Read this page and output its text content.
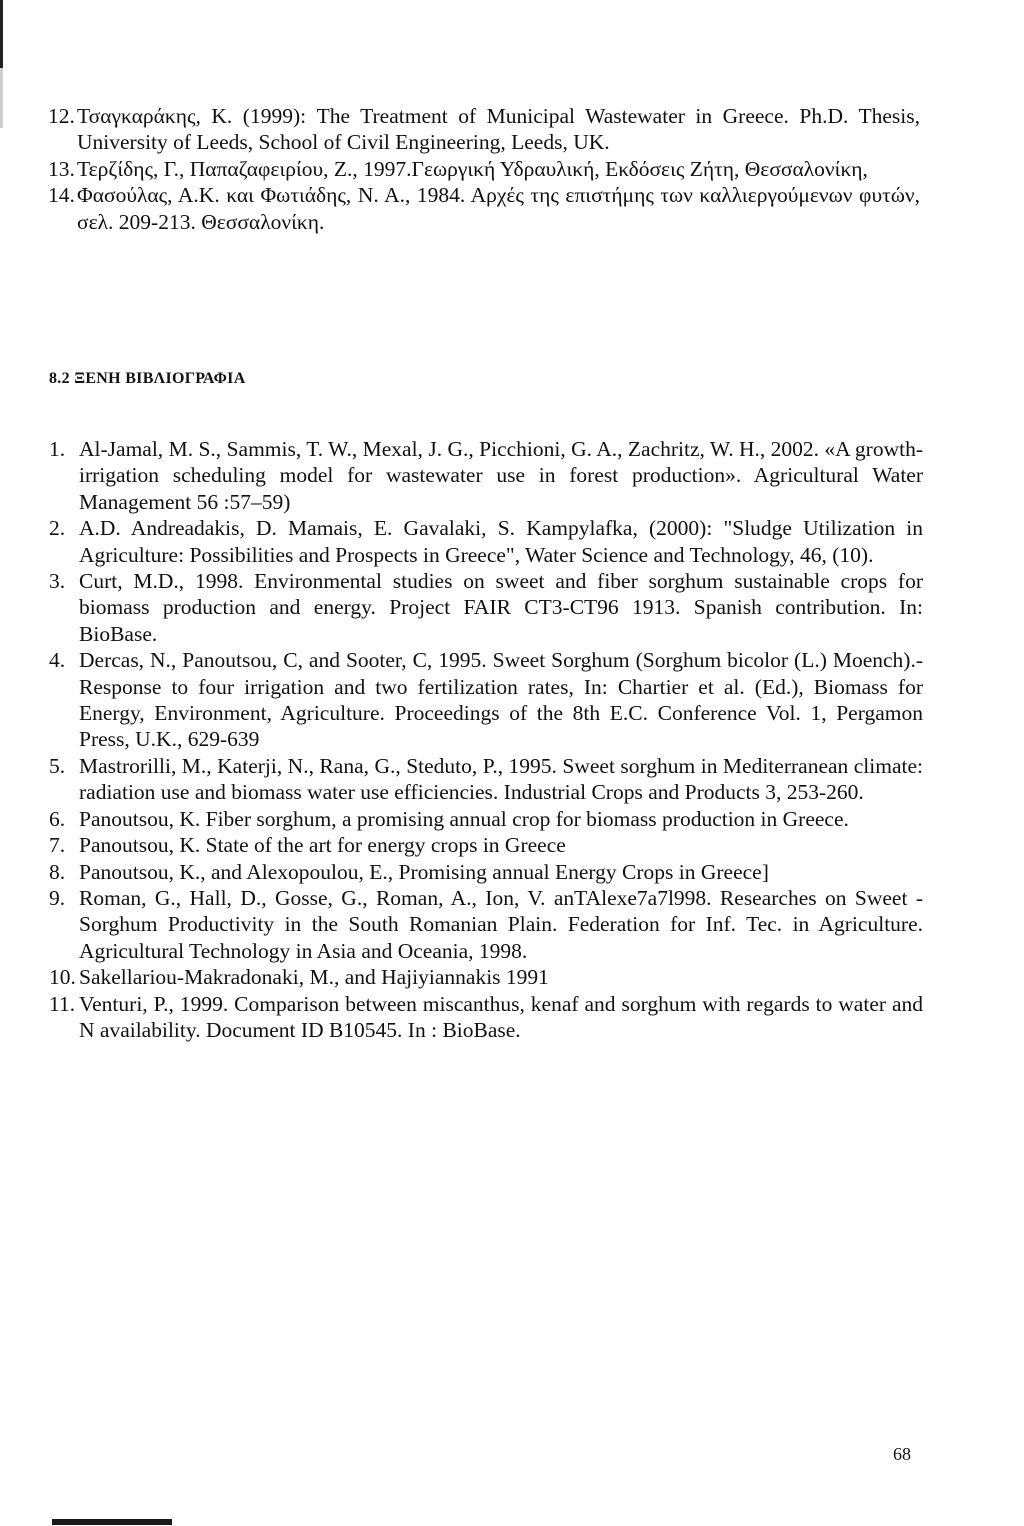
12. Τσαγκαράκης, Κ. (1999): The Treatment of Municipal Wastewater in Greece. Ph.D. Thesis, University of Leeds, School of Civil Engineering, Leeds, UK.

13. Τερζίδης, Γ., Παπαζαφειρίου, Ζ., 1997.Γεωργική Υδραυλική, Εκδόσεις Ζήτη, Θεσσαλονίκη,

14. Φασούλας, Α.Κ. και Φωτιάδης, Ν. Α., 1984. Αρχές της επιστήμης των καλλιεργούμενων φυτών, σελ. 209-213. Θεσσαλονίκη.

8.2 ΞΕΝΗ ΒΙΒΛΙΟΓΡΑΦΙΑ

1. Al-Jamal, M. S., Sammis, T. W., Mexal, J. G., Picchioni, G. A., Zachritz, W. H., 2002. «A growth-irrigation scheduling model for wastewater use in forest production». Agricultural Water Management 56 :57–59)

2. A.D. Andreadakis, D. Mamais, E. Gavalaki, S. Kampylafka, (2000): "Sludge Utilization in Agriculture: Possibilities and Prospects in Greece", Water Science and Technology, 46, (10).

3. Curt, M.D., 1998. Environmental studies on sweet and fiber sorghum sustainable crops for biomass production and energy. Project FAIR CT3-CT96 1913. Spanish contribution. In: BioBase.

4. Dercas, N., Panoutsou, C, and Sooter, C, 1995. Sweet Sorghum (Sorghum bicolor (L.) Moench).-Response to four irrigation and two fertilization rates, In: Chartier et al. (Ed.), Biomass for Energy, Environment, Agriculture. Proceedings of the 8th E.C. Conference Vol. 1, Pergamon Press, U.K., 629-639

5. Mastrorilli, M., Katerji, N., Rana, G., Steduto, P., 1995. Sweet sorghum in Mediterranean climate: radiation use and biomass water use efficiencies. Industrial Crops and Products 3, 253-260.

6. Panoutsou, K. Fiber sorghum, a promising annual crop for biomass production in Greece.

7. Panoutsou, K. State of the art for energy crops in Greece

8. Panoutsou, K., and Alexopoulou, E., Promising annual Energy Crops in Greece]

9. Roman, G., Hall, D., Gosse, G., Roman, A., Ion, V. anTAlexe7a7l998. Researches on Sweet - Sorghum Productivity in the South Romanian Plain. Federation for Inf. Tec. in Agriculture. Agricultural Technology in Asia and Oceania, 1998.

10. Sakellariou-Makradonaki, M., and Hajiyiannakis 1991

11. Venturi, P., 1999. Comparison between miscanthus, kenaf and sorghum with regards to water and N availability. Document ID B10545. In : BioBase.

68
